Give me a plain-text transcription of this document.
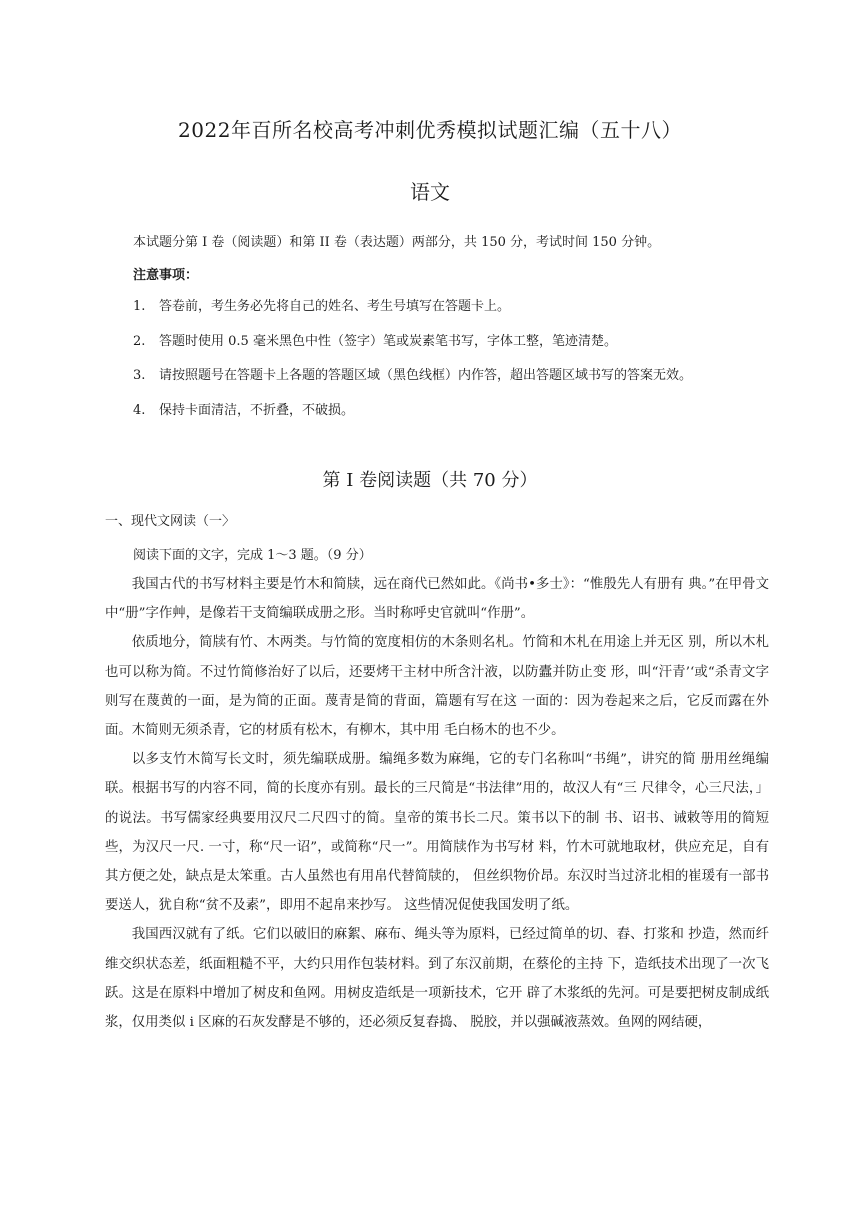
2022年百所名校高考冲刺优秀模拟试题汇编（五十八）
语文
本试题分第 I 卷（阅读题）和第 II 卷（表达题）两部分，共 150 分，考试时间 150 分钟。
注意事项：
1.	答卷前，考生务必先将自己的姓名、考生号填写在答题卡上。
2.	答题时使用 0.5 毫米黑色中性（签字）笔或炭素笔书写，字体工整，笔迹清楚。
3.	请按照题号在答题卡上各题的答题区域（黑色线框）内作答，超出答题区域书写的答案无效。
4.	保持卡面清洁，不折叠，不破损。
第 I 卷阅读题（共 70 分）
一、现代文网读（一〉
阅读下面的文字，完成 1～3 题。（9 分）

我国古代的书写材料主要是竹木和简牍，远在商代已然如此。《尚书•多士》：“惟殷先人有册有 典。”在甲骨文中“册”字作艸，是像若干支简编联成册之形。当时称呼史官就叫“作册”。

依质地分，简牍有竹、木两类。与竹简的宽度相仿的木条则名札。竹简和木札在用途上并无区 别，所以木札也可以称为简。不过竹简修治好了以后，还要烤干主材中所含汁液，以防蠹并防止变 形，叫“汗青’‘或“杀青文字则写在蔑黄的一面，是为简的正面。蔑青是简的背面，篇题有写在这 一面的：因为卷起来之后，它反而露在外面。木简则无须杀青，它的材质有松木，有柳木，其中用 毛白杨木的也不少。

以多支竹木简写长文时，须先编联成册。编绳多数为麻绳，它的专门名称叫“书绳”，讲究的简 册用丝绳编联。根据书写的内容不同，简的长度亦有别。最长的三尺简是“书法律”用的，故汉人有“三 尺律令，心三尺法，」的说法。书写儒家经典要用汉尺二尺四寸的简。皇帝的策书长二尺。策书以下的制 书、诏书、诫敕等用的简短些，为汉尺一尺. 一寸，称“尺一诏”，或简称“尺一”。用简牍作为书写材 料，竹木可就地取材，供应充足，自有其方便之处，缺点是太笨重。古人虽然也有用帛代替简牍的， 但丝织物价昂。东汉时当过济北相的崔瑗有一部书要送人，犹自称“贫不及素”，即用不起帛来抄写。 这些情况促使我国发明了纸。

我国西汉就有了纸。它们以破旧的麻絮、麻布、绳头等为原料，已经过简单的切、舂、打浆和 抄造，然而纤维交织状态差，纸面粗糙不平，大约只用作包装材料。到了东汉前期，在蔡伦的主持 下，造纸技术出现了一次飞跃。这是在原料中增加了树皮和鱼网。用树皮造纸是一项新技术，它开 辟了木浆纸的先河。可是要把树皮制成纸浆，仅用类似 i 区麻的石灰发酵是不够的，还必须反复舂捣、 脱胶，并以强碱液蒸效。鱼网的网结硬，
